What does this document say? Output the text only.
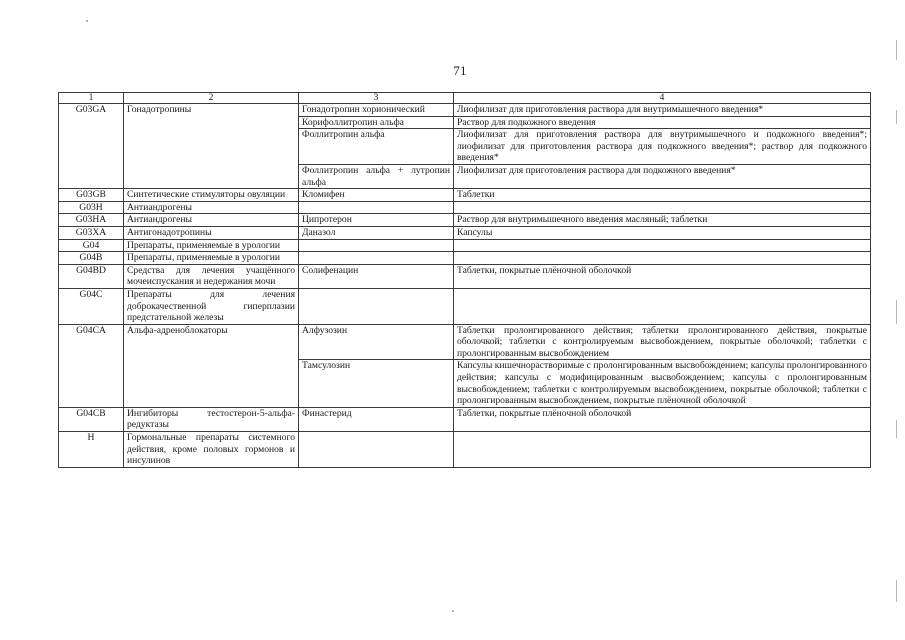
71
1	2	3	4
G03GA	Гонадотропины	Гонадотропин хорионический	Лиофилизат для приготовления раствора для внутримышечного введения*
		Корифоллитропин альфа	Раствор для подкожного введения
		Фоллитропин альфа	Лиофилизат для приготовления раствора для внутримышечного и подкожного введения*; лиофилизат для приготовления раствора для подкожного введения*; раствор для подкожного введения*
		Фоллитропин альфа + лутропин альфа	Лиофилизат для приготовления раствора для подкожного введения*
G03GB	Синтетические стимуляторы овуляции	Кломифен	Таблетки
G03H	Антиандрогены		
G03HA	Антиандрогены	Ципротерон	Раствор для внутримышечного введения масляный; таблетки
G03XA	Антигонадотропины	Даназол	Капсулы
G04	Препараты, применяемые в урологии		
G04B	Препараты, применяемые в урологии		
G04BD	Средства для лечения учащённого мочеиспускания и недержания мочи	Солифенацин	Таблетки, покрытые плёночной оболочкой
G04C	Препараты для лечения доброкачественной гиперплазии предстательной железы		
G04CA	Альфа-адреноблокаторы	Алфузозин	Таблетки пролонгированного действия; таблетки пролонгированного действия, покрытые оболочкой; таблетки с контролируемым высвобождением, покрытые оболочкой; таблетки с пролонгированным высвобождением
		Тамсулозин	Капсулы кишечнорастворимые с пролонгированным высвобождением; капсулы пролонгированного действия; капсулы с модифицированным высвобождением; капсулы с пролонгированным высвобождением; таблетки с контролируемым высвобождением, покрытые оболочкой; таблетки с пролонгированным высвобождением, покрытые плёночной оболочкой
G04CB	Ингибиторы тестостерон-5-альфа-редуктазы	Финастерид	Таблетки, покрытые плёночной оболочкой
H	Гормональные препараты системного действия, кроме половых гормонов и инсулинов		
